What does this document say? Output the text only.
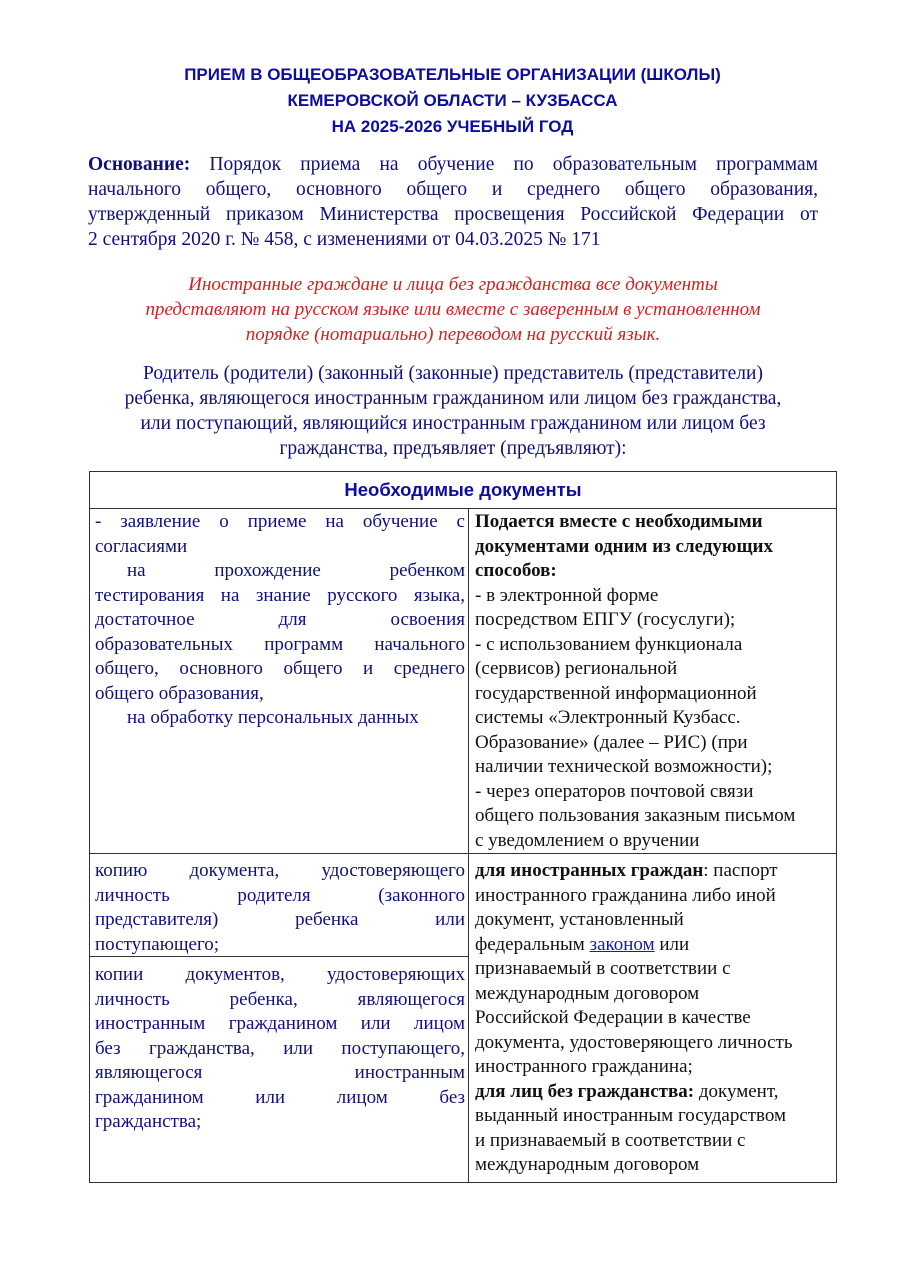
ПРИЕМ В ОБЩЕОБРАЗОВАТЕЛЬНЫЕ ОРГАНИЗАЦИИ (ШКОЛЫ)
КЕМЕРОВСКОЙ ОБЛАСТИ – КУЗБАССА
НА 2025-2026 УЧЕБНЫЙ ГОД

Основание: Порядок приема на обучение по образовательным программам
начального общего, основного общего и среднего общего образования,
утвержденный приказом Министерства просвещения Российской Федерации от
2 сентября 2020 г. № 458, с изменениями от 04.03.2025 № 171

Иностранные граждане и лица без гражданства все документы
представляют на русском языке или вместе с заверенным в установленном
порядке (нотариально) переводом на русский язык.

Родитель (родители) (законный (законные) представитель (представители)
ребенка, являющегося иностранным гражданином или лицом без гражданства,
или поступающий, являющийся иностранным гражданином или лицом без
гражданства, предъявляет (предъявляют):

Необходимые документы
- заявление о приеме на обучение с
согласиями
на прохождение ребенком
тестирования на знание русского языка,
достаточное для освоения
образовательных программ начального
общего, основного общего и среднего
общего образования,
на обработку персональных данных
Подается вместе с необходимыми
документами одним из следующих
способов:
- в электронной форме
посредством ЕПГУ (госуслуги);
- с использованием функционала
(сервисов) региональной
государственной информационной
системы «Электронный Кузбасс.
Образование» (далее – РИС) (при
наличии технической возможности);
- через операторов почтовой связи
общего пользования заказным письмом
с уведомлением о вручении
копию документа, удостоверяющего
личность родителя (законного
представителя) ребенка или
поступающего;
копии документов, удостоверяющих
личность ребенка, являющегося
иностранным гражданином или лицом
без гражданства, или поступающего,
являющегося иностранным
гражданином или лицом без
гражданства;
для иностранных граждан: паспорт
иностранного гражданина либо иной
документ, установленный
федеральным законом или
признаваемый в соответствии с
международным договором
Российской Федерации в качестве
документа, удостоверяющего личность
иностранного гражданина;
для лиц без гражданства: документ,
выданный иностранным государством
и признаваемый в соответствии с
международным договором
